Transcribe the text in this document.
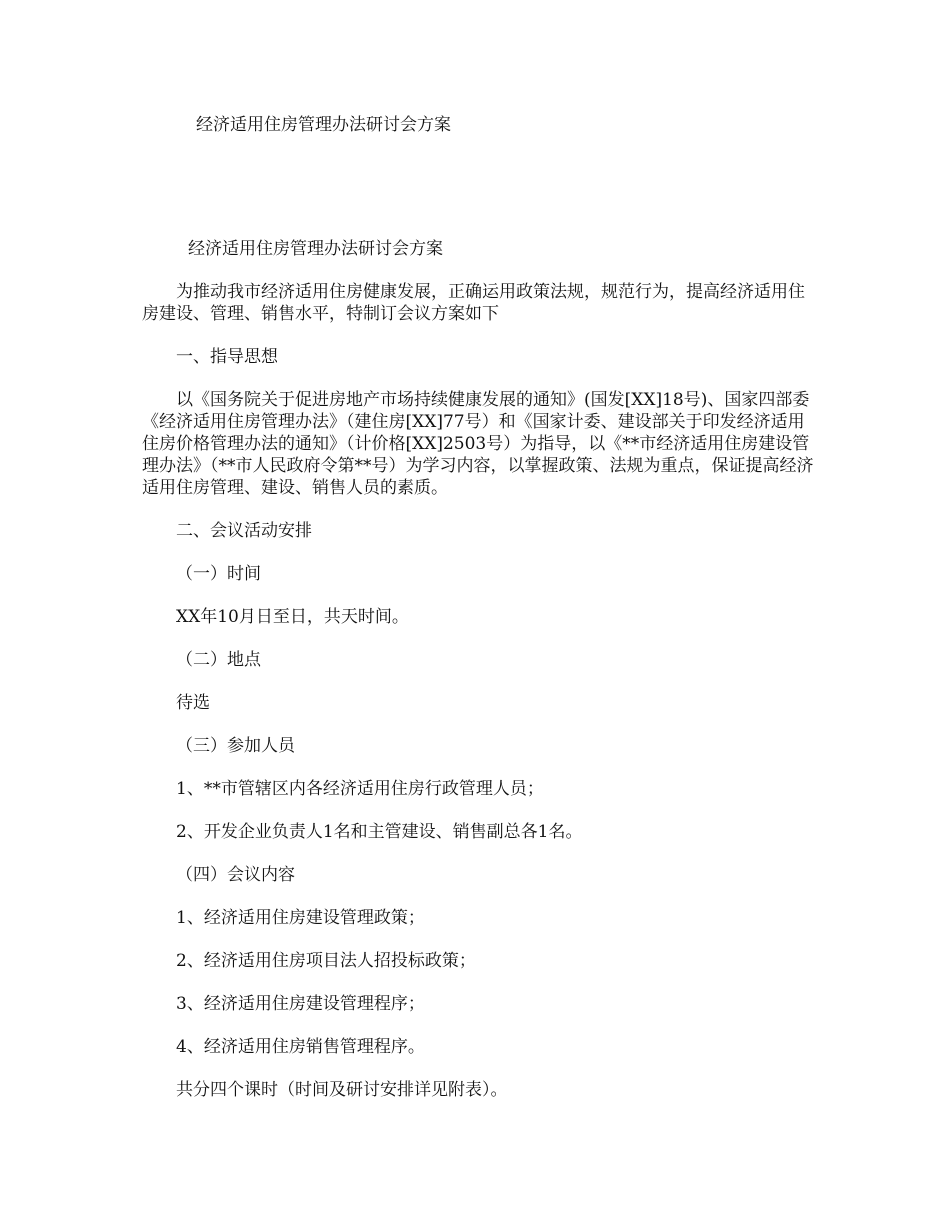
经济适用住房管理办法研讨会方案

经济适用住房管理办法研讨会方案

为推动我市经济适用住房健康发展，正确运用政策法规，规范行为，提高经济适用住房建设、管理、销售水平，特制订会议方案如下

一、指导思想

以《国务院关于促进房地产市场持续健康发展的通知》(国发[XX]18号)、国家四部委《经济适用住房管理办法》（建住房[XX]77号）和《国家计委、建设部关于印发经济适用住房价格管理办法的通知》（计价格[XX]2503号）为指导，以《**市经济适用住房建设管理办法》（**市人民政府令第**号）为学习内容，以掌握政策、法规为重点，保证提高经济适用住房管理、建设、销售人员的素质。

二、会议活动安排

（一）时间

XX年10月日至日，共天时间。

（二）地点

待选

（三）参加人员

1、**市管辖区内各经济适用住房行政管理人员；

2、开发企业负责人1名和主管建设、销售副总各1名。

（四）会议内容

1、经济适用住房建设管理政策；

2、经济适用住房项目法人招投标政策；

3、经济适用住房建设管理程序；

4、经济适用住房销售管理程序。

共分四个课时（时间及研讨安排详见附表）。
